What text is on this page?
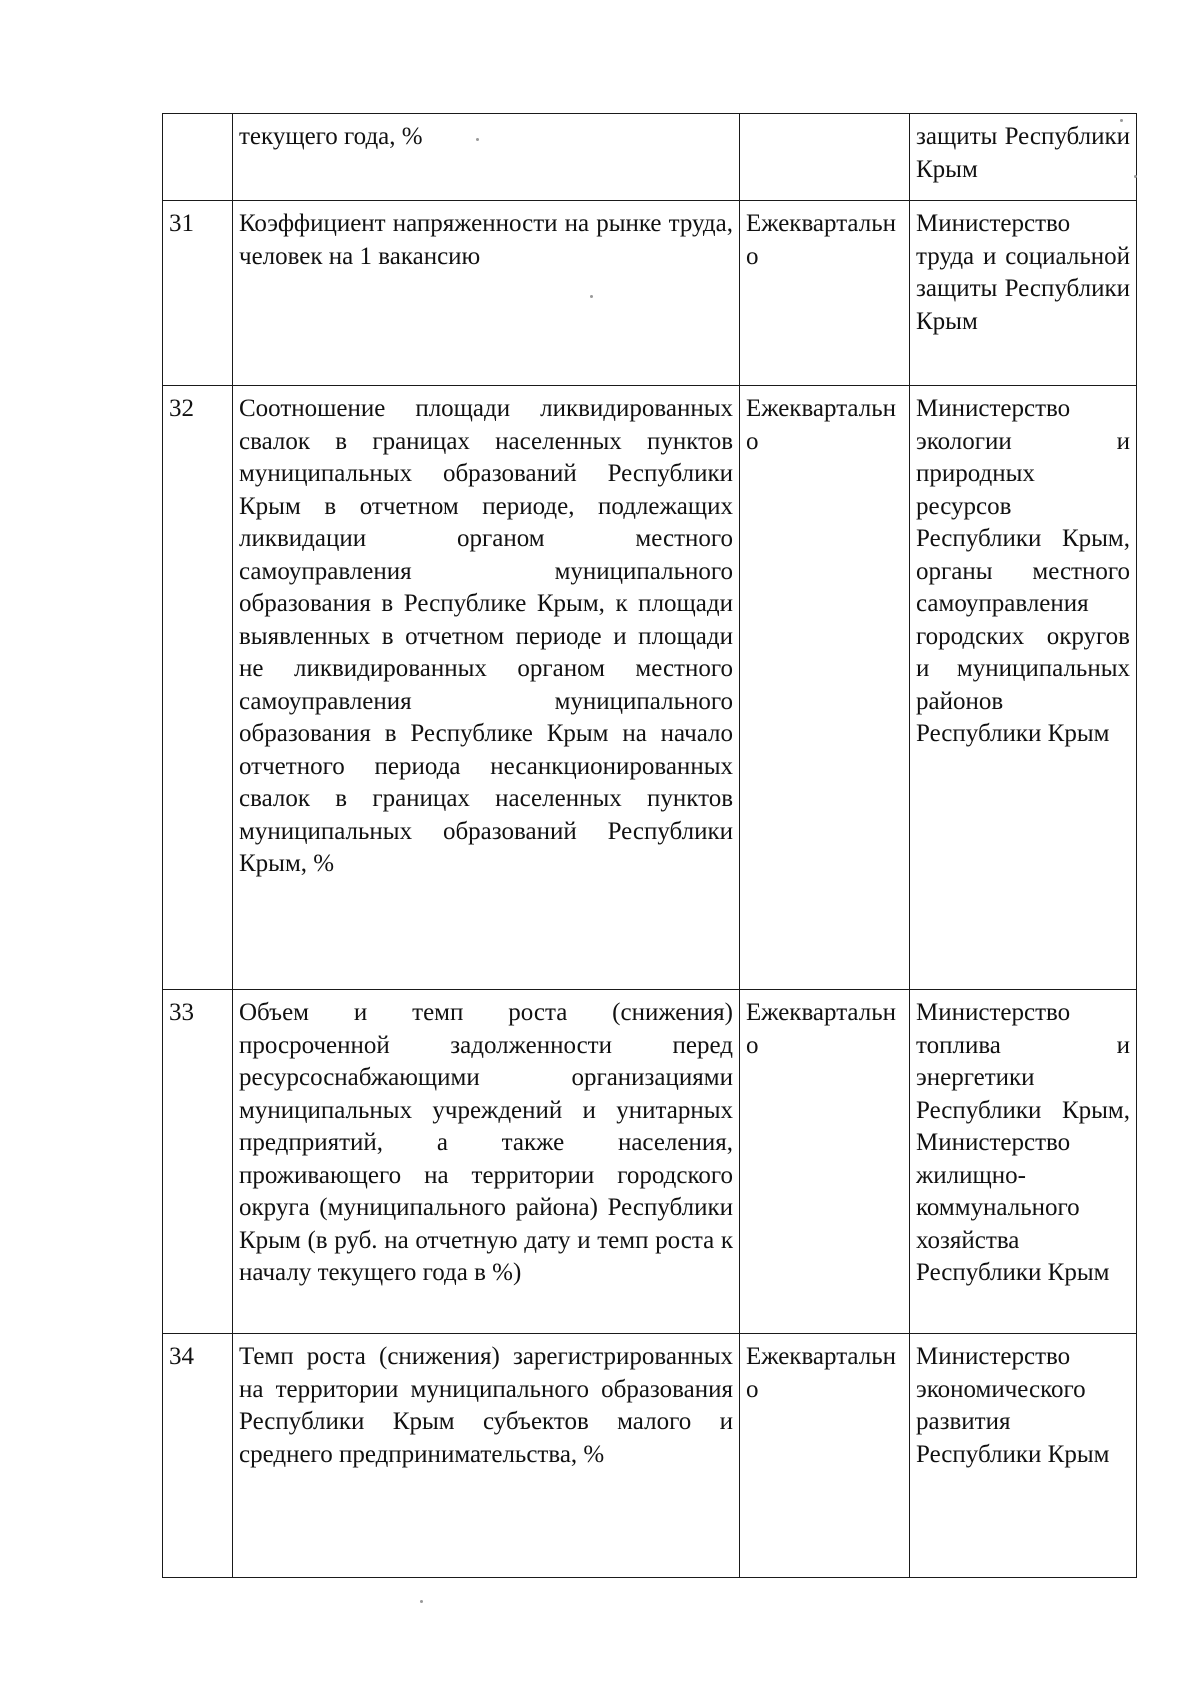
	текущего года, %		защиты Республики Крым
31	Коэффициент напряженности на рынке труда, человек на 1 вакансию	Ежеквартально	Министерство труда и социальной защиты Республики Крым
32	Соотношение площади ликвидированных свалок в границах населенных пунктов муниципальных образований Республики Крым в отчетном периоде, подлежащих ликвидации органом местного самоуправления муниципального образования в Республике Крым, к площади выявленных в отчетном периоде и площади не ликвидированных органом местного самоуправления муниципального образования в Республике Крым на начало отчетного периода несанкционированных свалок в границах населенных пунктов муниципальных образований Республики Крым, %	Ежеквартально	Министерство экологии и природных ресурсов Республики Крым, органы местного самоуправления городских округов и муниципальных районов Республики Крым
33	Объем и темп роста (снижения) просроченной задолженности перед ресурсоснабжающими организациями муниципальных учреждений и унитарных предприятий, а также населения, проживающего на территории городского округа (муниципального района) Республики Крым (в руб. на отчетную дату и темп роста к началу текущего года в %)	Ежеквартально	Министерство топлива и энергетики Республики Крым, Министерство жилищно-коммунального хозяйства Республики Крым
34	Темп роста (снижения) зарегистрированных на территории муниципального образования Республики Крым субъектов малого и среднего предпринимательства, %	Ежеквартально	Министерство экономического развития Республики Крым
